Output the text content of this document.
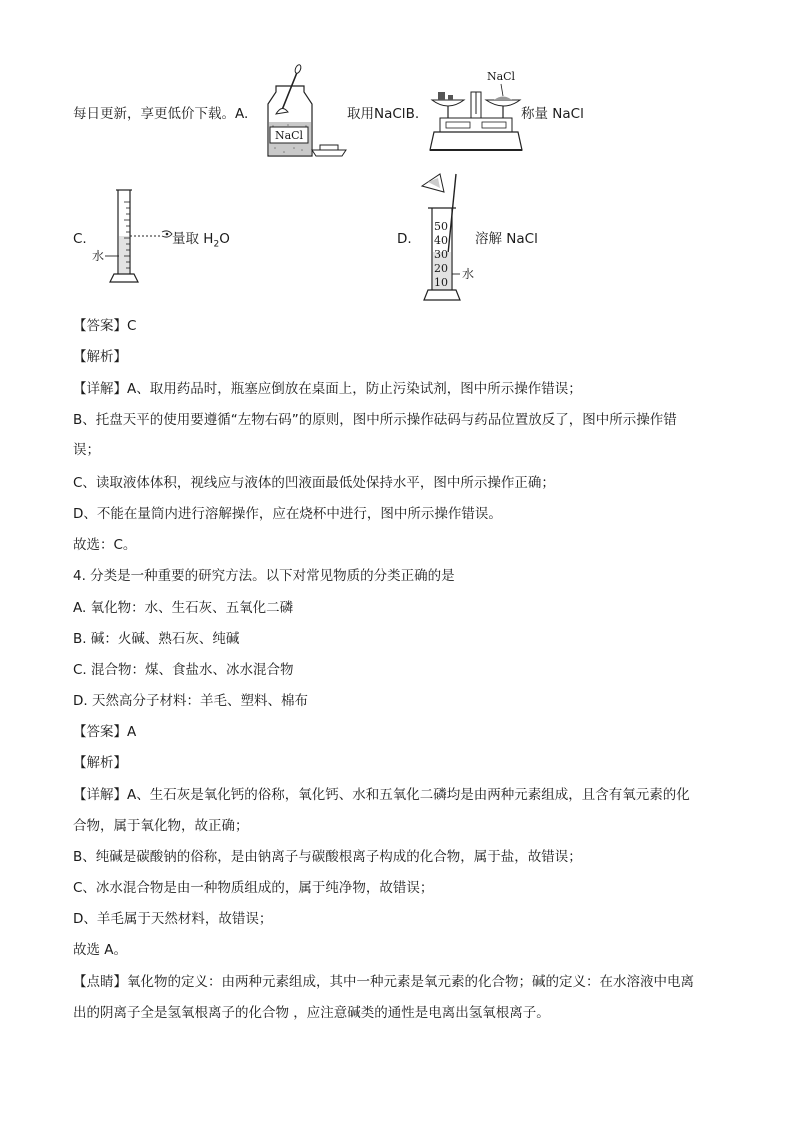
每日更新，享更低价下载。A.
NaCl
取用NaClB.
NaCl
称量 NaCl
C.
水
量取 $H_2O$	D.
50
40
30
20
10
水
溶解 NaCl
【答案】C
【解析】
【详解】A、取用药品时，瓶塞应倒放在桌面上，防止污染试剂，图中所示操作错误；
B、托盘天平的使用要遵循“左物右码”的原则，图中所示操作砝码与药品位置放反了，图中所示操作错
误；
C、读取液体体积，视线应与液体的凹液面最低处保持水平，图中所示操作正确；
D、不能在量筒内进行溶解操作，应在烧杯中进行，图中所示操作错误。
故选：C。
4. 分类是一种重要的研究方法。以下对常见物质的分类正确的是
A. 氧化物：水、生石灰、五氧化二磷
B. 碱：火碱、熟石灰、纯碱
C. 混合物：煤、食盐水、冰水混合物
D. 天然高分子材料：羊毛、塑料、棉布
【答案】A
【解析】
【详解】A、生石灰是氧化钙的俗称，氧化钙、水和五氧化二磷均是由两种元素组成，且含有氧元素的化
合物，属于氧化物，故正确；
B、纯碱是碳酸钠的俗称，是由钠离子与碳酸根离子构成的化合物，属于盐，故错误；
C、冰水混合物是由一种物质组成的，属于纯净物，故错误；
D、羊毛属于天然材料，故错误；
故选 A。
【点睛】氧化物的定义：由两种元素组成，其中一种元素是氧元素的化合物；碱的定义：在水溶液中电离
出的阴离子全是氢氧根离子的化合物 ，应注意碱类的通性是电离出氢氧根离子。
